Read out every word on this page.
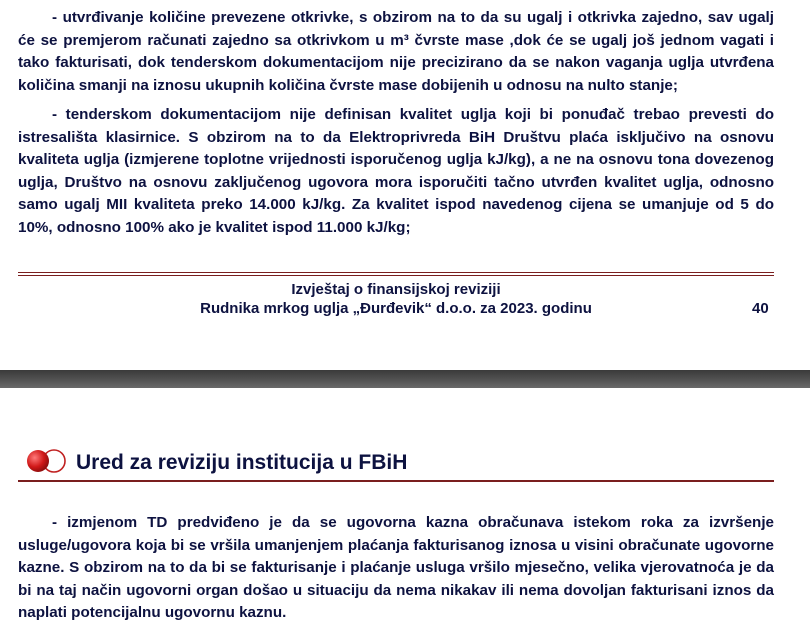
- utvrđivanje količine prevezene otkrivke, s obzirom na to da su ugalj i otkrivka zajedno, sav ugalj će se premjerom računati zajedno sa otkrivkom u m³ čvrste mase ,dok će se ugalj još jednom vagati i tako fakturisati, dok tenderskom dokumentacijom nije precizirano da se nakon vaganja uglja utvrđena količina smanji na iznosu ukupnih količina čvrste mase dobijenih u odnosu na nulto stanje;

- tenderskom dokumentacijom nije definisan kvalitet uglja koji bi ponuđač trebao prevesti do istresališta klasirnice. S obzirom na to da Elektroprivreda BiH Društvu plaća isključivo na osnovu kvaliteta uglja (izmjerene toplotne vrijednosti isporučenog uglja kJ/kg), a ne na osnovu tona dovezenog uglja, Društvo na osnovu zaključenog ugovora mora isporučiti tačno utvrđen kvalitet uglja, odnosno samo ugalj MII kvaliteta preko 14.000 kJ/kg. Za kvalitet ispod navedenog cijena se umanjuje od 5 do 10%, odnosno 100% ako je kvalitet ispod 11.000 kJ/kg;

Izvještaj o finansijskoj reviziji

Rudnika mrkog uglja „Đurđevik“ d.o.o. za 2023. godinu	40
Ured za reviziju institucija u FBiH

- izmjenom TD predviđeno je da se ugovorna kazna obračunava istekom roka za izvršenje usluge/ugovora koja bi se vršila umanjenjem plaćanja fakturisanog iznosa u visini obračunate ugovorne kazne. S obzirom na to da bi se fakturisanje i plaćanje usluga vršilo mjesečno, velika vjerovatnoća je da bi na taj način ugovorni organ došao u situaciju da nema nikakav ili nema dovoljan fakturisani iznos da naplati potencijalnu ugovornu kaznu.
